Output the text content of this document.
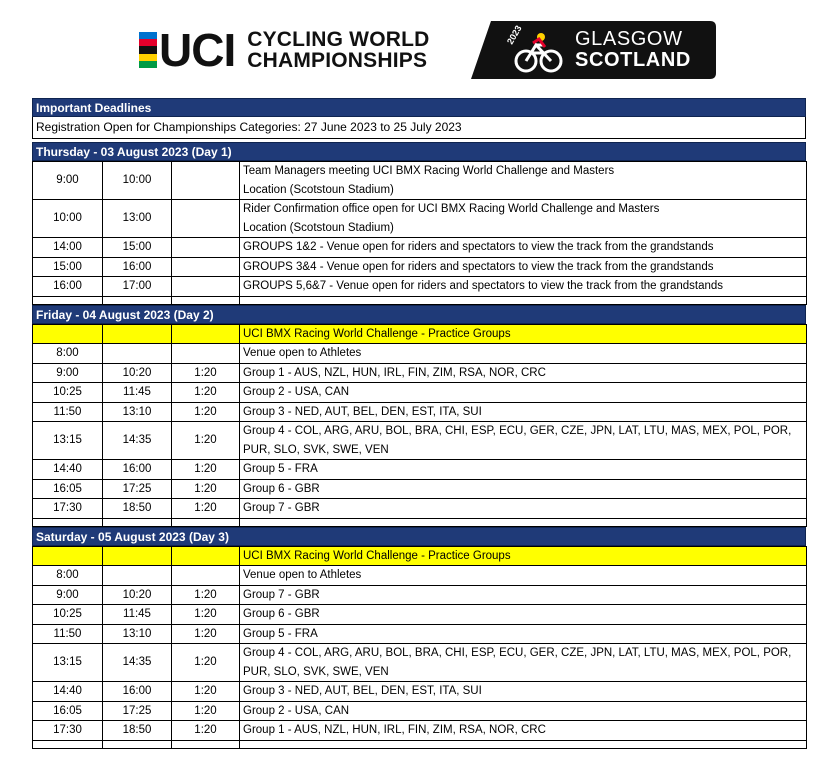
UCI CYCLING WORLD
CHAMPIONSHIPS
2023	GLASGOW
SCOTLAND
Important Deadlines
Registration Open for Championships Categories: 27 June 2023 to 25 July 2023
Thursday - 03 August 2023 (Day 1)
9:00	10:00		Team Managers meeting UCI BMX Racing World Challenge and Masters
Location (Scotstoun Stadium)

10:00	13:00		Rider Confirmation office open for UCI BMX Racing World Challenge and Masters
Location (Scotstoun Stadium)

14:00	15:00		GROUPS 1&2 - Venue open for riders and spectators to view the track from the grandstands

15:00	16:00		GROUPS 3&4 - Venue open for riders and spectators to view the track from the grandstands

16:00	17:00		GROUPS 5,6&7 - Venue open for riders and spectators to view the track from the grandstands

Friday - 04 August 2023 (Day 2)
			UCI BMX Racing World Challenge - Practice Groups
8:00			Venue open to Athletes

9:00	10:20	1:20	Group 1 - AUS, NZL, HUN, IRL, FIN, ZIM, RSA, NOR, CRC

10:25	11:45	1:20	Group 2 - USA, CAN

11:50	13:10	1:20	Group 3 - NED, AUT, BEL, DEN, EST, ITA, SUI

13:15	14:35	1:20	Group 4 - COL, ARG, ARU, BOL, BRA, CHI, ESP, ECU, GER, CZE, JPN, LAT, LTU, MAS, MEX, POL, POR,
PUR, SLO, SVK, SWE, VEN

14:40	16:00	1:20	Group 5 - FRA

16:05	17:25	1:20	Group 6 - GBR

17:30	18:50	1:20	Group 7 - GBR

Saturday - 05 August 2023 (Day 3)
			UCI BMX Racing World Challenge - Practice Groups
8:00			Venue open to Athletes

9:00	10:20	1:20	Group 7 - GBR

10:25	11:45	1:20	Group 6 - GBR

11:50	13:10	1:20	Group 5 - FRA

13:15	14:35	1:20	Group 4 - COL, ARG, ARU, BOL, BRA, CHI, ESP, ECU, GER, CZE, JPN, LAT, LTU, MAS, MEX, POL, POR,
PUR, SLO, SVK, SWE, VEN

14:40	16:00	1:20	Group 3 - NED, AUT, BEL, DEN, EST, ITA, SUI

16:05	17:25	1:20	Group 2 - USA, CAN

17:30	18:50	1:20	Group 1 - AUS, NZL, HUN, IRL, FIN, ZIM, RSA, NOR, CRC
